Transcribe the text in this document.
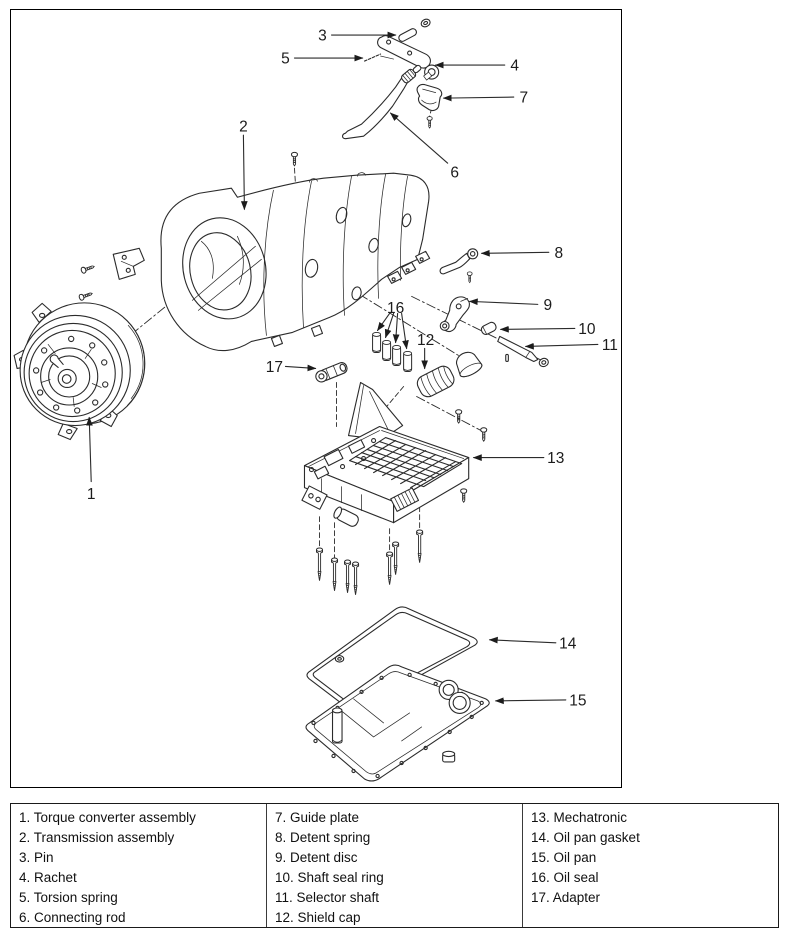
1
2
3
4
5
6
7
8
9
10
11
12
13
14
15
16
17
1. Torque converter assembly
2. Transmission assembly
3. Pin
4. Rachet
5. Torsion spring
6. Connecting rod
7. Guide plate
8. Detent spring
9. Detent disc
10. Shaft seal ring
11. Selector shaft
12. Shield cap
13. Mechatronic
14. Oil pan gasket
15. Oil pan
16. Oil seal
17. Adapter
